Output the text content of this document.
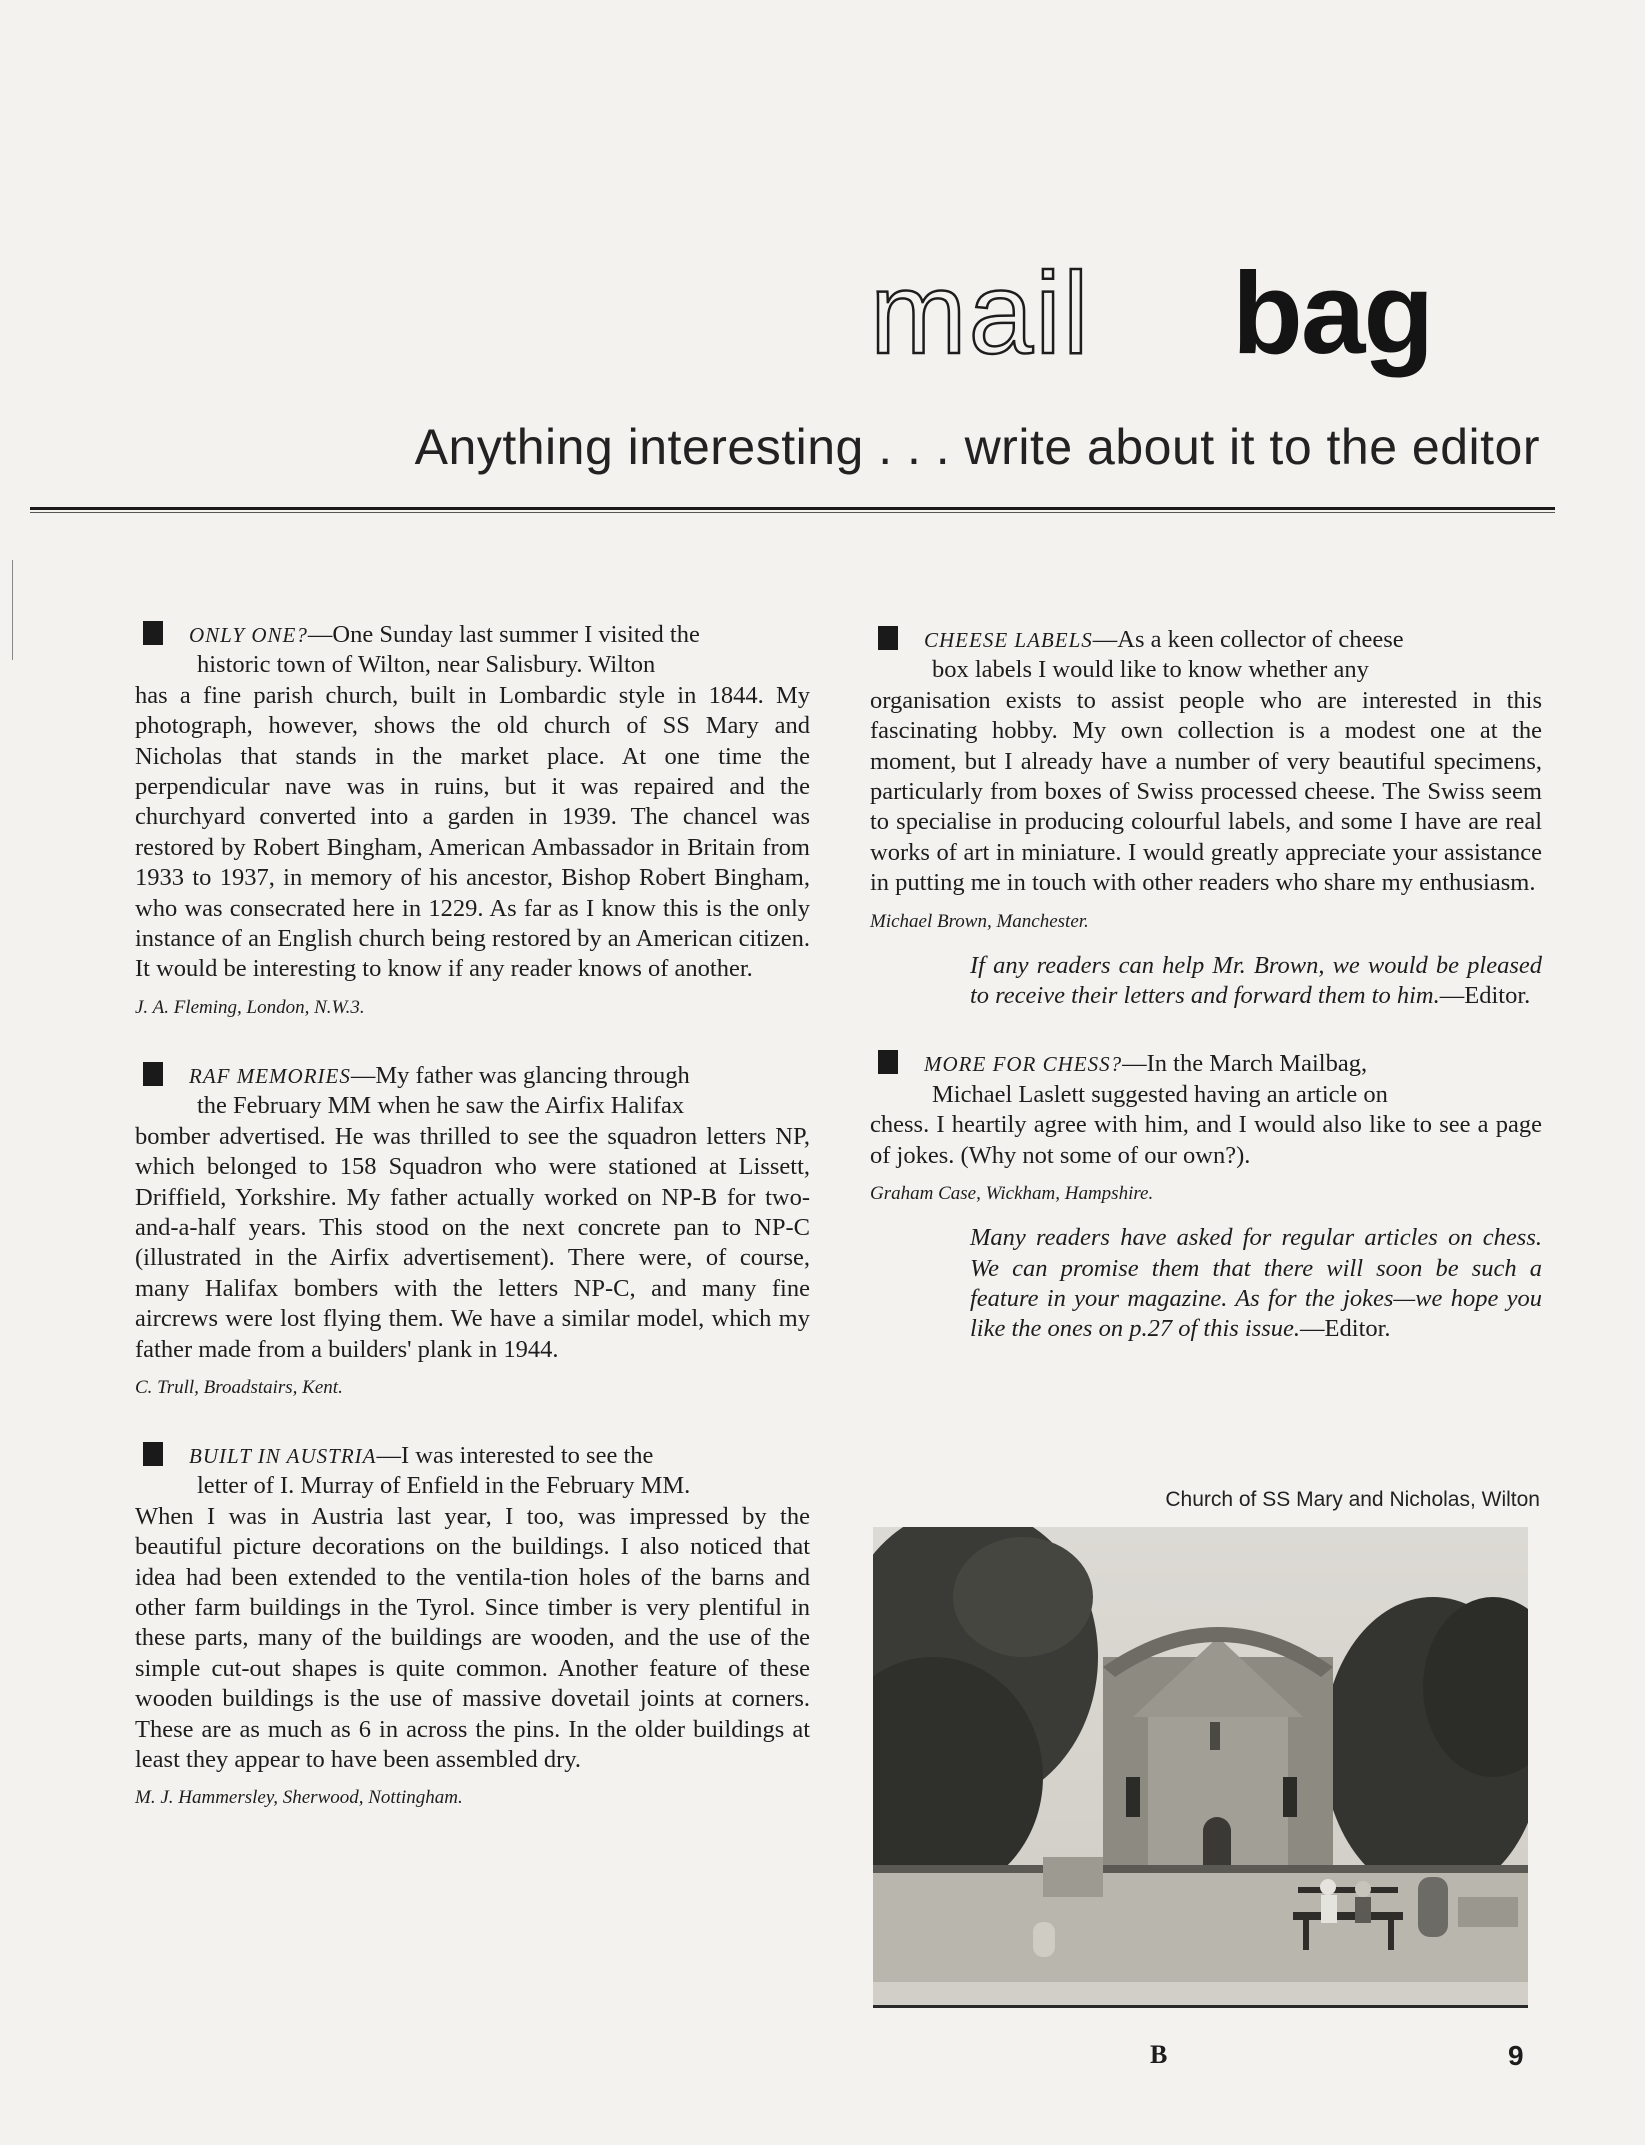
mail bag
Anything interesting . . . write about it to the editor

ONLY ONE?—One Sunday last summer I visited the
historic town of Wilton, near Salisbury. Wilton
has a fine parish church, built in Lombardic style in 1844. My photograph, however, shows the old church of SS Mary and Nicholas that stands in the market place. At one time the perpendicular nave was in ruins, but it was repaired and the churchyard converted into a garden in 1939. The chancel was restored by Robert Bingham, American Ambassador in Britain from 1933 to 1937, in memory of his ancestor, Bishop Robert Bingham, who was consecrated here in 1229. As far as I know this is the only instance of an English church being restored by an American citizen. It would be interesting to know if any reader knows of another.

J. A. Fleming, London, N.W.3.

RAF MEMORIES—My father was glancing through
the February MM when he saw the Airfix Halifax
bomber advertised. He was thrilled to see the squadron letters NP, which belonged to 158 Squadron who were stationed at Lissett, Driffield, Yorkshire. My father actually worked on NP-B for two-and-a-half years. This stood on the next concrete pan to NP-C (illustrated in the Airfix advertisement). There were, of course, many Halifax bombers with the letters NP-C, and many fine aircrews were lost flying them. We have a similar model, which my father made from a builders' plank in 1944.

C. Trull, Broadstairs, Kent.

BUILT IN AUSTRIA—I was interested to see the
letter of I. Murray of Enfield in the February MM.
When I was in Austria last year, I too, was impressed by the beautiful picture decorations on the buildings. I also noticed that idea had been extended to the ventila-tion holes of the barns and other farm buildings in the Tyrol. Since timber is very plentiful in these parts, many of the buildings are wooden, and the use of the simple cut-out shapes is quite common. Another feature of these wooden buildings is the use of massive dovetail joints at corners. These are as much as 6 in across the pins. In the older buildings at least they appear to have been assembled dry.

M. J. Hammersley, Sherwood, Nottingham.

CHEESE LABELS—As a keen collector of cheese
box labels I would like to know whether any
organisation exists to assist people who are interested in this fascinating hobby. My own collection is a modest one at the moment, but I already have a number of very beautiful specimens, particularly from boxes of Swiss processed cheese. The Swiss seem to specialise in producing colourful labels, and some I have are real works of art in miniature. I would greatly appreciate your assistance in putting me in touch with other readers who share my enthusiasm.

Michael Brown, Manchester.

If any readers can help Mr. Brown, we would be pleased to receive their letters and forward them to him.—Editor.

MORE FOR CHESS?—In the March Mailbag,
Michael Laslett suggested having an article on
chess. I heartily agree with him, and I would also like to see a page of jokes. (Why not some of our own?).

Graham Case, Wickham, Hampshire.

Many readers have asked for regular articles on chess. We can promise them that there will soon be such a feature in your magazine. As for the jokes—we hope you like the ones on p.27 of this issue.—Editor.

Church of SS Mary and Nicholas, Wilton
B	9
